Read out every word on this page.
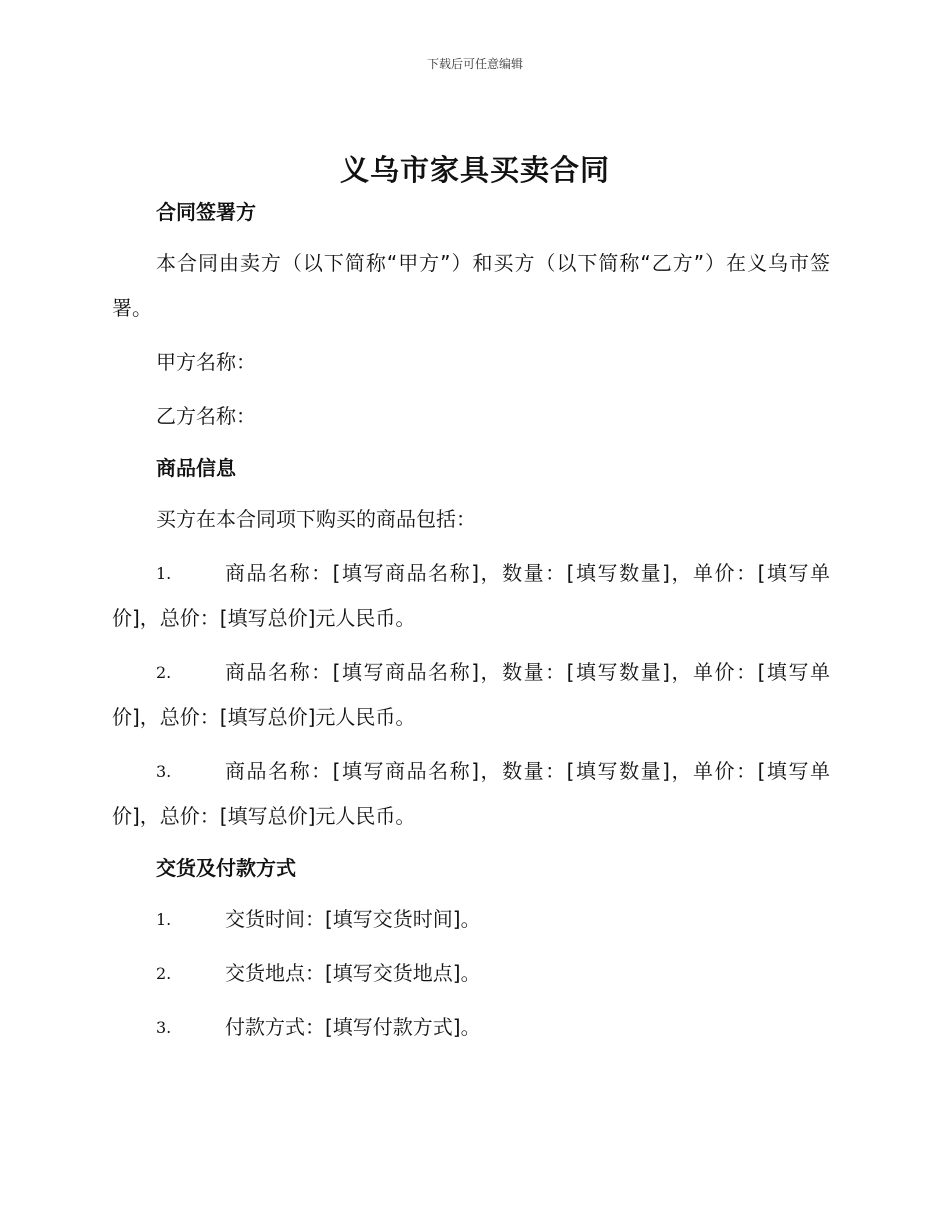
下载后可任意编辑
义乌市家具买卖合同
合同签署方

本合同由卖方（以下简称“甲方”）和买方（以下简称“乙方”）在义乌市签署。

甲方名称：

乙方名称：

商品信息

买方在本合同项下购买的商品包括：

1.	商品名称：[填写商品名称]，数量：[填写数量]，单价：[填写单价]，总价：[填写总价]元人民币。

2.	商品名称：[填写商品名称]，数量：[填写数量]，单价：[填写单价]，总价：[填写总价]元人民币。

3.	商品名称：[填写商品名称]，数量：[填写数量]，单价：[填写单价]，总价：[填写总价]元人民币。

交货及付款方式

1.	交货时间：[填写交货时间]。

2.	交货地点：[填写交货地点]。

3.	付款方式：[填写付款方式]。
